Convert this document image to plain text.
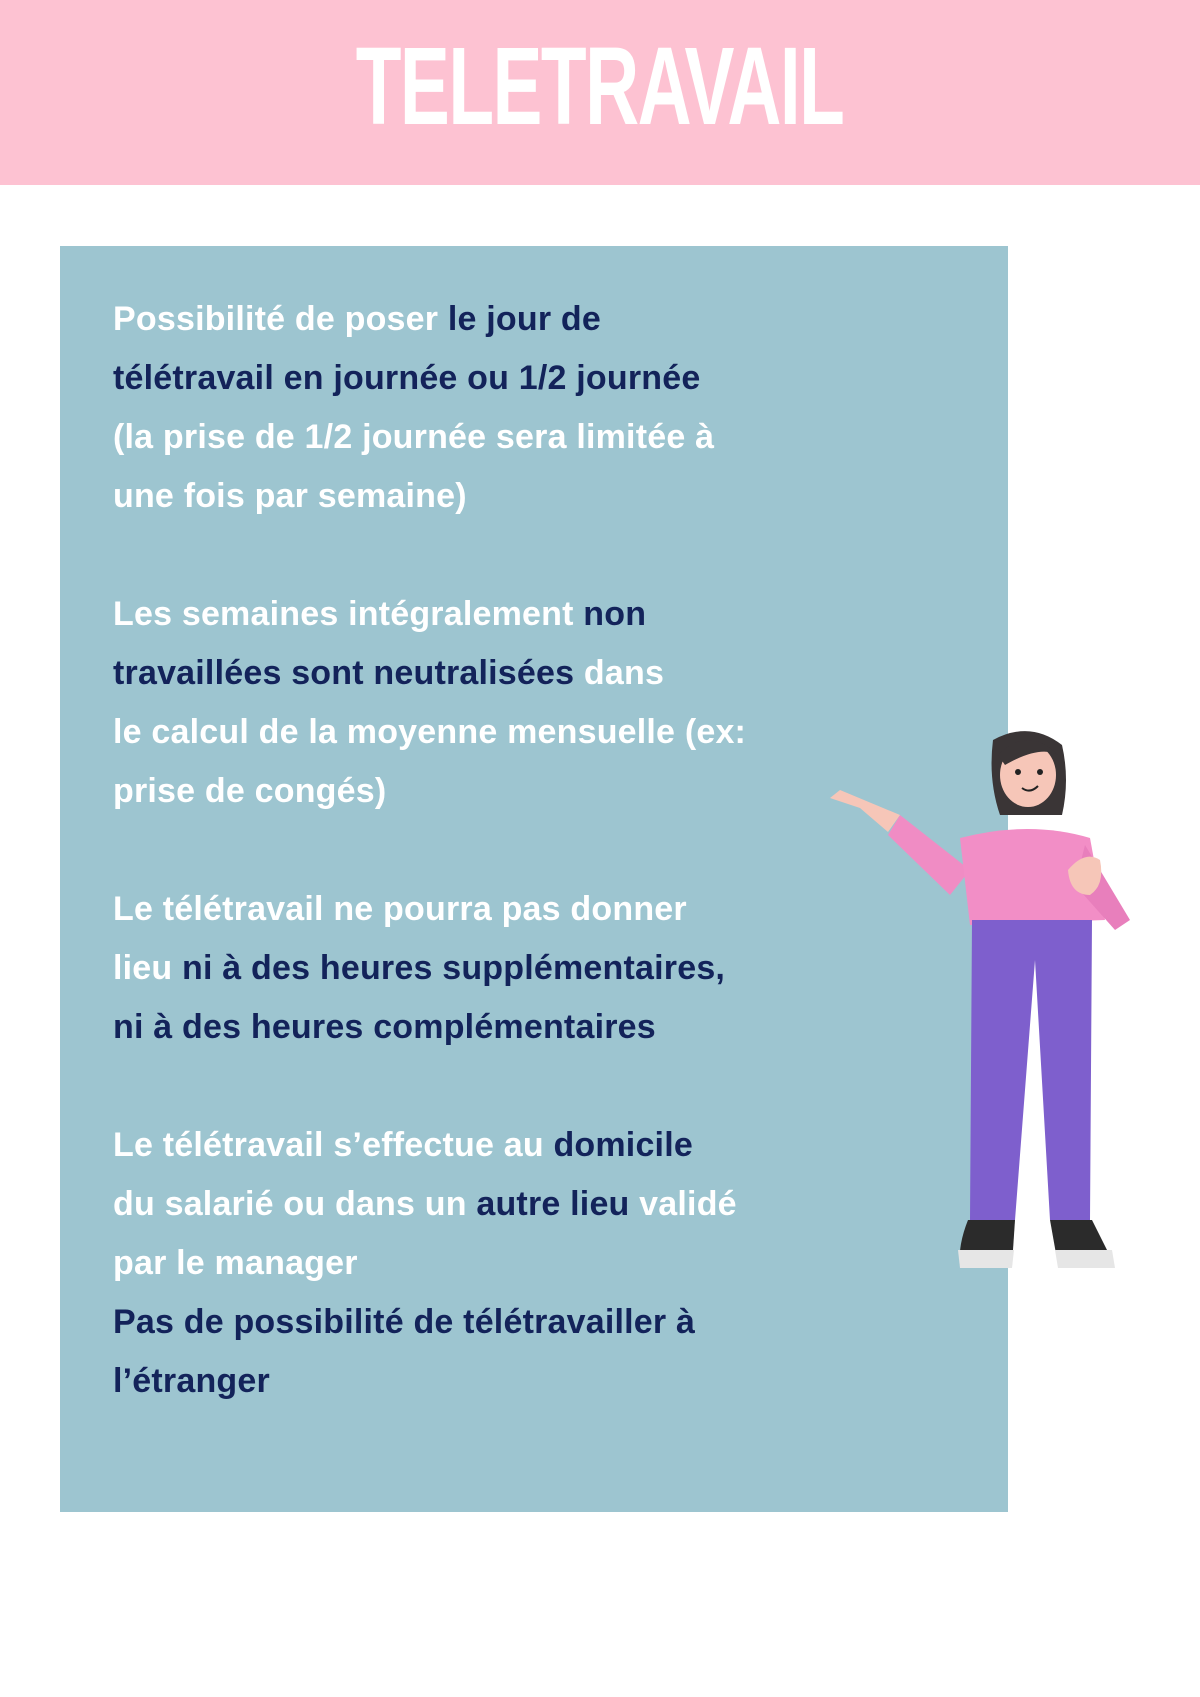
TELETRAVAIL
Possibilité de poser le jour de
télétravail en journée ou 1/2 journée
(la prise de 1/2 journée sera limitée à
une fois par semaine)
Les semaines intégralement non
travaillées sont neutralisées dans
le calcul de la moyenne mensuelle (ex:
prise de congés)
Le télétravail ne pourra pas donner
lieu ni à des heures supplémentaires,
ni à des heures complémentaires
Le télétravail s’effectue au domicile
du salarié ou dans un autre lieu validé
par le manager
Pas de possibilité de télétravailler à
l’étranger
